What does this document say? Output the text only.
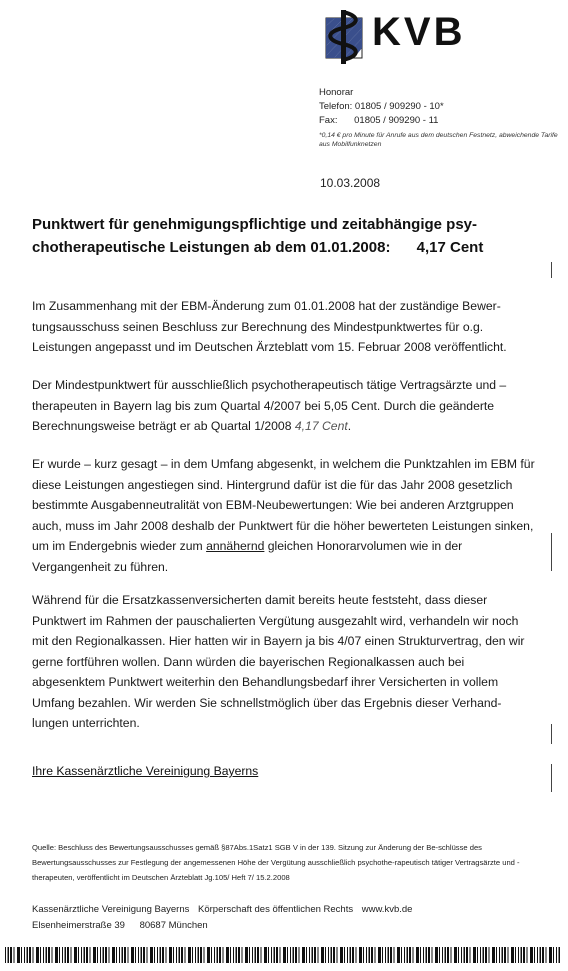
KVB
Honorar
Telefon: 01805 / 909290 - 10*
Fax: 01805 / 909290 - 11
*0,14 € pro Minute für Anrufe aus dem deutschen Festnetz, abweichende Tarife aus Mobilfunknetzen
10.03.2008
Punktwert für genehmigungspflichtige und zeitabhängige psy-chotherapeutische Leistungen ab dem 01.01.2008: 4,17 Cent
Im Zusammenhang mit der EBM-Änderung zum 01.01.2008 hat der zuständige Bewer-tungsausschuss seinen Beschluss zur Berechnung des Mindestpunktwertes für o.g. Leistungen angepasst und im Deutschen Ärzteblatt vom 15. Februar 2008 veröffentlicht.
Der Mindestpunktwert für ausschließlich psychotherapeutisch tätige Vertragsärzte und – therapeuten in Bayern lag bis zum Quartal 4/2007 bei 5,05 Cent. Durch die geänderte Berechnungsweise beträgt er ab Quartal 1/2008 4,17 Cent.
Er wurde – kurz gesagt – in dem Umfang abgesenkt, in welchem die Punktzahlen im EBM für diese Leistungen angestiegen sind. Hintergrund dafür ist die für das Jahr 2008 gesetzlich bestimmte Ausgabenneutralität von EBM-Neubewertungen: Wie bei anderen Arztgruppen auch, muss im Jahr 2008 deshalb der Punktwert für die höher bewerteten Leistungen sinken, um im Endergebnis wieder zum annähernd gleichen Honorarvolumen wie in der Vergangenheit zu führen.
Während für die Ersatzkassenversicherten damit bereits heute feststeht, dass dieser Punktwert im Rahmen der pauschalierten Vergütung ausgezahlt wird, verhandeln wir noch mit den Regionalkassen. Hier hatten wir in Bayern ja bis 4/07 einen Strukturvertrag, den wir gerne fortführen wollen. Dann würden die bayerischen Regionalkassen auch bei abgesenktem Punktwert weiterhin den Behandlungsbedarf ihrer Versicherten in vollem Umfang bezahlen. Wir werden Sie schnellstmöglich über das Ergebnis dieser Verhand-lungen unterrichten.
Ihre Kassenärztliche Vereinigung Bayerns
Quelle: Beschluss des Bewertungsausschusses gemäß §87Abs.1Satz1 SGB V in der 139. Sitzung zur Änderung der Be-schlüsse des Bewertungsausschusses zur Festlegung der angemessenen Höhe der Vergütung ausschließlich psychothe-rapeutisch tätiger Vertragsärzte und - therapeuten, veröffentlicht im Deutschen Ärzteblatt Jg.105/ Heft 7/ 15.2.2008
Kassenärztliche Vereinigung Bayerns Körperschaft des öffentlichen Rechts www.kvb.de
Elsenheimerstraße 39 80687 München
